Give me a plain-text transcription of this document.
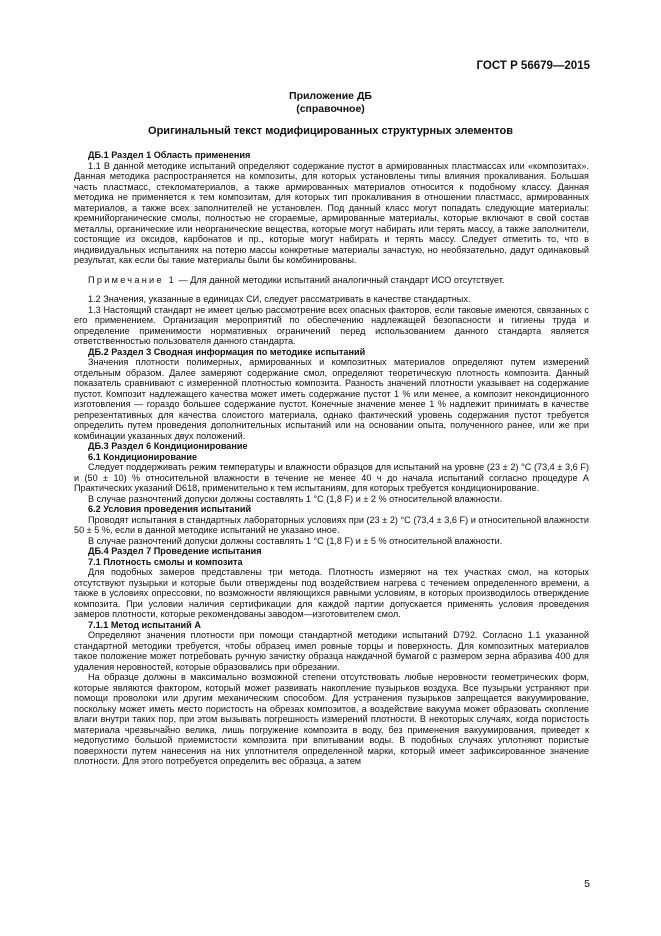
ГОСТ Р 56679—2015
Приложение ДБ
(справочное)
Оригинальный текст модифицированных структурных элементов

ДБ.1 Раздел 1 Область применения

1.1 В данной методике испытаний определяют содержание пустот в армированных пластмассах или «композитах». Данная методика распространяется на композиты, для которых установлены типы влияния прокаливания. Большая часть пластмасс, стекломатериалов, а также армированных материалов относится к подобному классу. Данная методика не применяется к тем композитам, для которых тип прокаливания в отношении пластмасс, армированных материалов, а также всех заполнителей не установлен. Под данный класс могут попадать следующие материалы: кремнийорганические смолы, полностью не сгораемые, армированные материалы, которые включают в свой состав металлы, органические или неорганические вещества, которые могут набирать или терять массу, а также заполнители, состоящие из оксидов, карбонатов и пр., которые могут набирать и терять массу. Следует отметить то, что в индивидуальных испытаниях на потерю массы конкретные материалы зачастую, но необязательно, дадут одинаковый результат, как если бы такие материалы были бы комбинированы.

Примечание 1 — Для данной методики испытаний аналогичный стандарт ИСО отсутствует.

1.2 Значения, указанные в единицах СИ, следует рассматривать в качестве стандартных.

1.3 Настоящий стандарт не имеет целью рассмотрение всех опасных факторов, если таковые имеются, связанных с его применением. Организация мероприятий по обеспечению надлежащей безопасности и гигиены труда и определение применимости нормативных ограничений перед использованием данного стандарта является ответственностью пользователя данного стандарта.

ДБ.2 Раздел 3 Сводная информация по методике испытаний

Значения плотности полимерных, армированных и композитных материалов определяют путем измерений отдельным образом. Далее замеряют содержание смол, определяют теоретическую плотность композита. Данный показатель сравнивают с измеренной плотностью композита. Разность значений плотности указывает на содержание пустот. Композит надлежащего качества может иметь содержание пустот 1 % или менее, а композит некондиционного изготовления — гораздо большее содержание пустот. Конечные значение менее 1 % надлежит принимать в качестве репрезентативных для качества слоистого материала, однако фактический уровень содержания пустот требуется определить путем проведения дополнительных испытаний или на основании опыта, полученного ранее, или же при комбинации указанных двух положений.

ДБ.3 Раздел 6 Кондиционирование

6.1 Кондиционирование

Следует поддерживать режим температуры и влажности образцов для испытаний на уровне (23 ± 2) °С (73,4 ± 3,6 F) и (50 ± 10) % относительной влажности в течение не менее 40 ч до начала испытаний согласно процедуре А Практических указаний D618, применительно к тем испытаниям, для которых требуется кондиционирование.

В случае разночтений допуски должны составлять 1 °С (1,8 F) и ± 2 % относительной влажности.

6.2 Условия проведения испытаний

Проводят испытания в стандартных лабораторных условиях при (23 ± 2) °С (73,4 ± 3,6 F) и относительной влажности 50 ± 5 %, если в данной методике испытаний не указано иное.

В случае разночтений допуски должны составлять 1 °С (1,8 F) и ± 5 % относительной влажности.

ДБ.4 Раздел 7 Проведение испытания

7.1 Плотность смолы и композита

Для подобных замеров представлены три метода. Плотность измеряют на тех участках смол, на которых отсутствуют пузырьки и которые были отверждены под воздействием нагрева с течением определенного времени, а также в условиях опрессовки, по возможности являющихся равными условиям, в которых производилось отверждение композита. При условии наличия сертификации для каждой партии допускается применять условия проведения замеров плотности, которые рекомендованы заводом—изготовителем смол.

7.1.1 Метод испытаний А

Определяют значения плотности при помощи стандартной методики испытаний D792. Согласно 1.1 указанной стандартной методики требуется, чтобы образец имел ровные торцы и поверхность. Для композитных материалов такое положение может потребовать ручную зачистку образца наждачной бумагой с размером зерна абразива 400 для удаления неровностей, которые образовались при обрезании.

На образце должны в максимально возможной степени отсутствовать любые неровности геометрических форм, которые являются фактором, который может развивать накопление пузырьков воздуха. Все пузырьки устраняют при помощи проволоки или другим механическим способом. Для устранения пузырьков запрещается вакуумирование, поскольку может иметь место пористость на обрезах композитов, а воздействие вакуума может образовать скопление влаги внутри таких пор, при этом вызывать погрешность измерений плотности. В некоторых случаях, когда пористость материала чрезвычайно велика, лишь погружение композита в воду, без применения вакуумирования, приведет к недопустимо большой приемистости композита при впитывании воды. В подобных случаях уплотняют пористые поверхности путем нанесения на них уплотнителя определенной марки, который имеет зафиксированное значение плотности. Для этого потребуется определить вес образца, а затем

5
